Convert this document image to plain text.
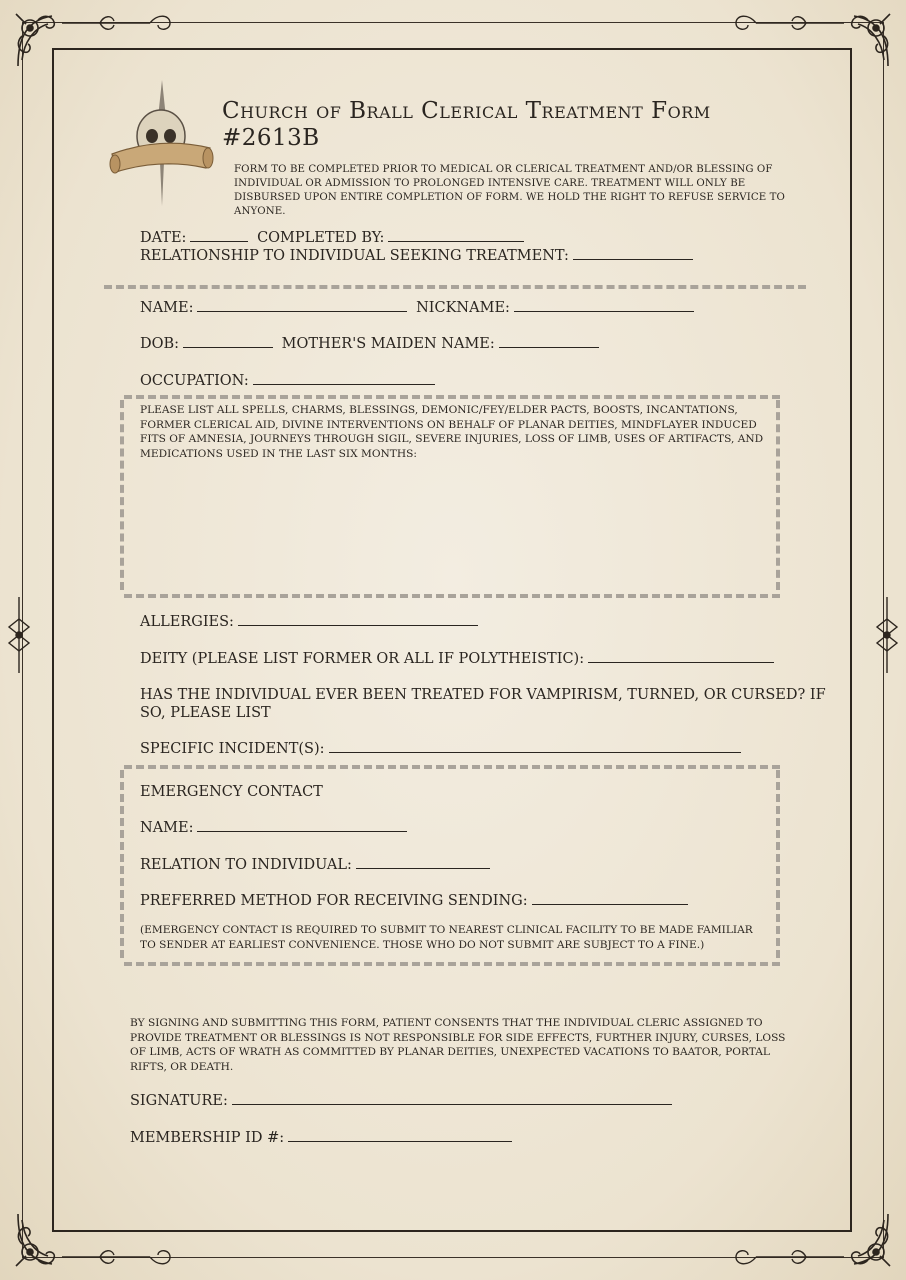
Church of Brall Clerical Treatment Form
#2613B
FORM TO BE COMPLETED PRIOR TO MEDICAL OR CLERICAL TREATMENT AND/OR BLESSING OF INDIVIDUAL OR ADMISSION TO PROLONGED INTENSIVE CARE. TREATMENT WILL ONLY BE DISBURSED UPON ENTIRE COMPLETION OF FORM. WE HOLD THE RIGHT TO REFUSE SERVICE TO ANYONE.
DATE:	COMPLETED BY:
RELATIONSHIP TO INDIVIDUAL SEEKING TREATMENT:
NAME:	NICKNAME:
DOB:	MOTHER'S MAIDEN NAME:
OCCUPATION:
PLEASE LIST ALL SPELLS, CHARMS, BLESSINGS, DEMONIC/FEY/ELDER PACTS, BOOSTS, INCANTATIONS, FORMER CLERICAL AID, DIVINE INTERVENTIONS ON BEHALF OF PLANAR DEITIES, MINDFLAYER INDUCED FITS OF AMNESIA, JOURNEYS THROUGH SIGIL, SEVERE INJURIES, LOSS OF LIMB, USES OF ARTIFACTS, AND MEDICATIONS USED IN THE LAST SIX MONTHS:
ALLERGIES:
DEITY (PLEASE LIST FORMER OR ALL IF POLYTHEISTIC):
HAS THE INDIVIDUAL EVER BEEN TREATED FOR VAMPIRISM, TURNED, OR CURSED? IF
SO, PLEASE LIST
SPECIFIC INCIDENT(S):
EMERGENCY CONTACT
NAME:
RELATION TO INDIVIDUAL:
PREFERRED METHOD FOR RECEIVING SENDING:
(EMERGENCY CONTACT IS REQUIRED TO SUBMIT TO NEAREST CLINICAL FACILITY TO BE MADE FAMILIAR TO SENDER AT EARLIEST CONVENIENCE. THOSE WHO DO NOT SUBMIT ARE SUBJECT TO A FINE.)
BY SIGNING AND SUBMITTING THIS FORM, PATIENT CONSENTS THAT THE INDIVIDUAL CLERIC ASSIGNED TO PROVIDE TREATMENT OR BLESSINGS IS NOT RESPONSIBLE FOR SIDE EFFECTS, FURTHER INJURY, CURSES, LOSS OF LIMB, ACTS OF WRATH AS COMMITTED BY PLANAR DEITIES, UNEXPECTED VACATIONS TO BAATOR, PORTAL RIFTS, OR DEATH.
SIGNATURE:
MEMBERSHIP ID #:
